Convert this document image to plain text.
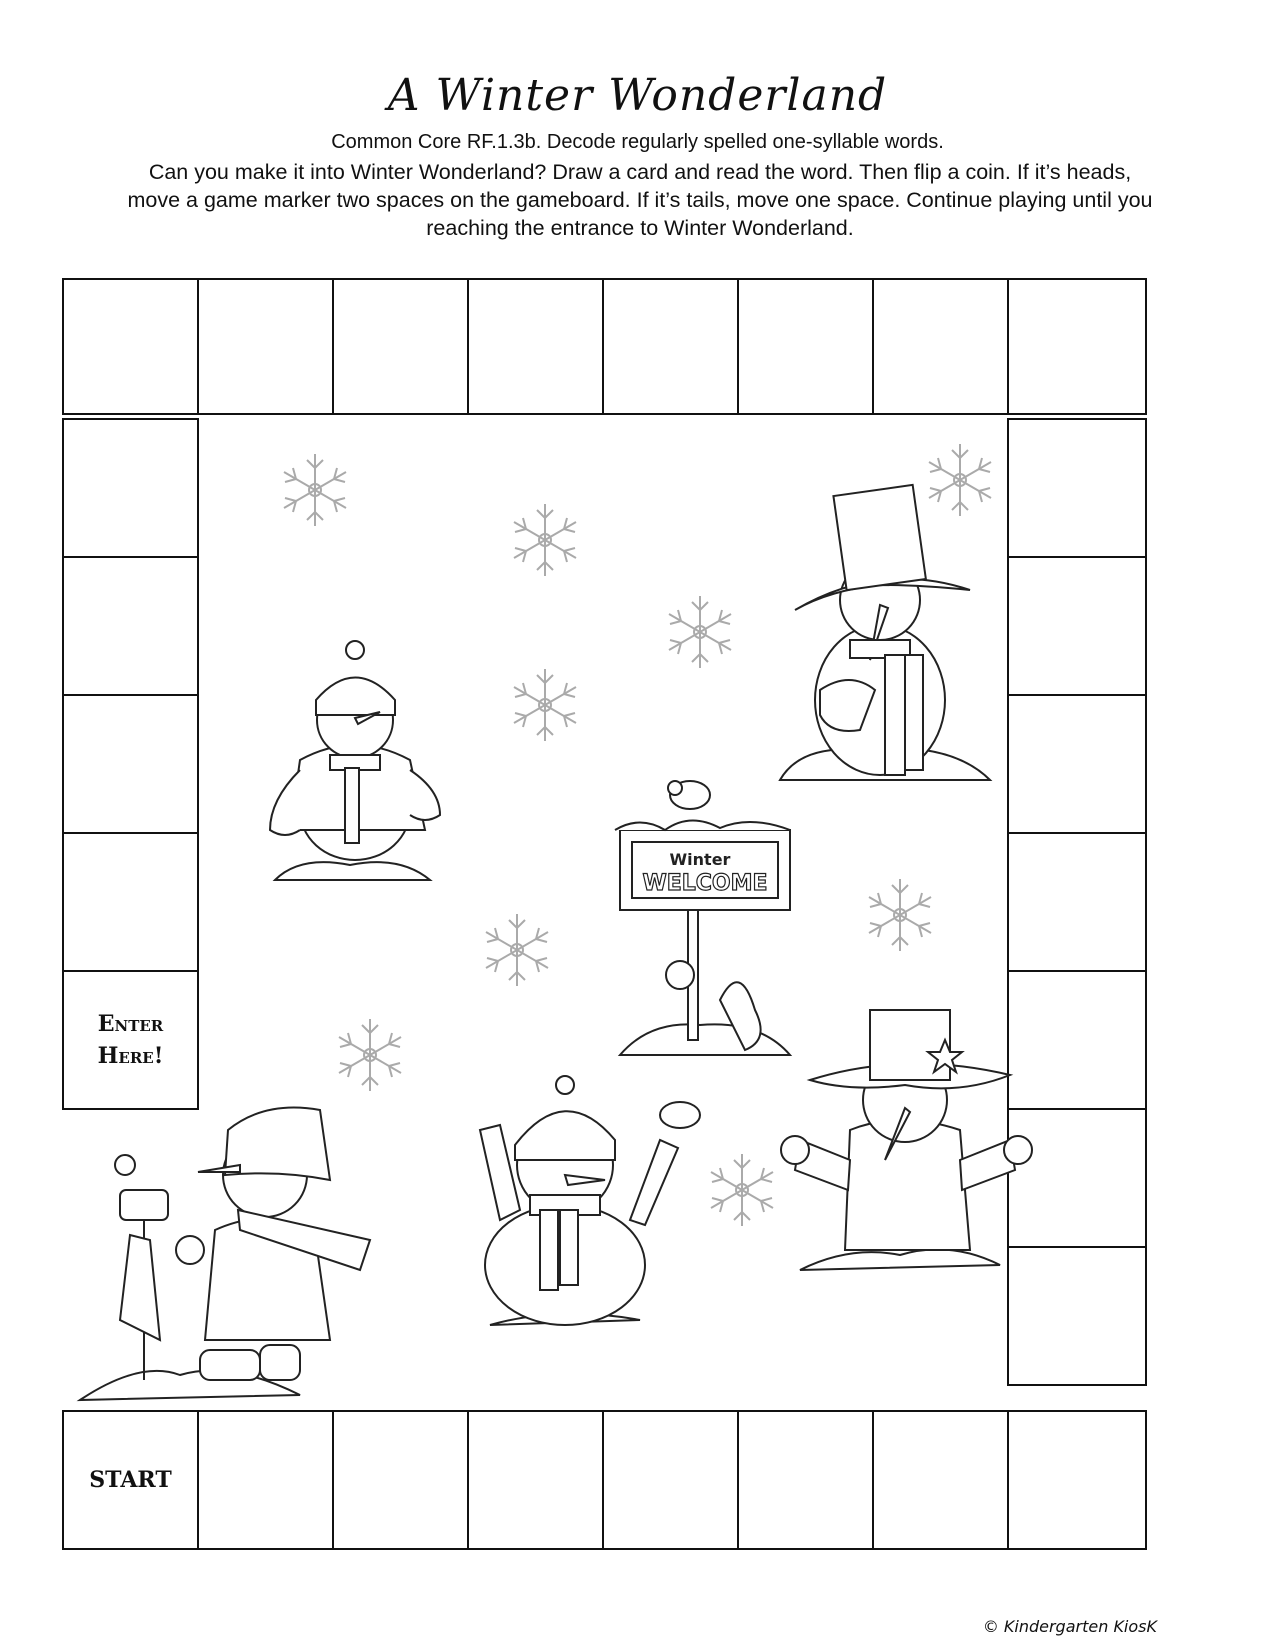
A Winter Wonderland
Common Core RF.1.3b. Decode regularly spelled one-syllable words.
Can you make it into Winter Wonderland? Draw a card and read the word. Then flip a coin. If it’s heads, move a game marker two spaces on the gameboard. If it’s tails, move one space. Continue playing until you reaching the entrance to Winter Wonderland.
Enter
Here!
START
Winter
WELCOME
© Kindergarten KiosK
